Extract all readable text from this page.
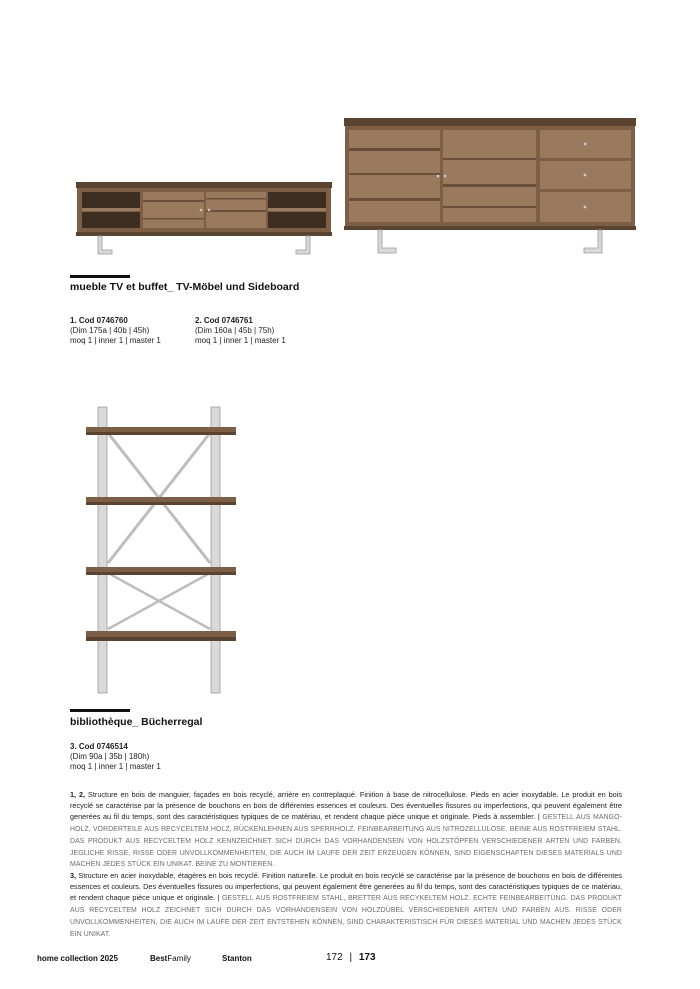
mueble TV et buffet_ TV-Möbel und Sideboard
1. Cod 0746760
(Dim 175a | 40b | 45h)
moq 1 | inner 1 | master 1
2. Cod 0746761
(Dim 160a | 45b | 75h)
moq 1 | inner 1 | master 1
bibliothèque_ Bücherregal
3. Cod 0746514
(Dim 90a | 35b | 180h)
moq 1 | inner 1 | master 1
1, 2, Structure en bois de manguier, façades en bois recyclé, arrière en contreplaqué. Finition à base de nitrocellulose. Pieds en acier inoxydable. Le produit en bois recyclé se caractérise par la présence de bouchons en bois de différentes essences et couleurs. Des éventuelles fissures ou imperfections, qui peuvent également être generées au fil du temps, sont des caractéristiques typiques de ce matériau, et rendent chaque pièce unique et originale. Pieds à assembler. | GESTELL AUS MANGO-HOLZ, VORDERTEILE AUS RECYCELTEM HOLZ, RÜCKENLEHNEN AUS SPERRHOLZ. FEINBEARBEITUNG AUS NITROZELLULOSE. BEINE AUS ROSTFREIEM STAHL. DAS PRODUKT AUS RECYCELTEM HOLZ KENNZEICHNET SICH DURCH DAS VORHANDENSEIN VON HOLZSTÖPFEN VERSCHIEDENER ARTEN UND FARBEN. JEGLICHE RISSE, RISSE ODER UNVOLLKOMMENHEITEN, DIE AUCH IM LAUFE DER ZEIT ERZEUGEN KÖNNEN, SIND EIGENSCHAFTEN DIESES MATERIALS UND MACHEN JEDES STÜCK EIN UNIKAT. BEINE ZU MONTIEREN.
3, Structure en acier inoxydable, étagères en bois recyclé. Finition naturelle. Le produit en bois recyclé se caractérise par la présence de bouchons en bois de différentes essences et couleurs. Des éventuelles fissures ou imperfections, qui peuvent également être generées au fil du temps, sont des caractéristiques typiques de ce matériau, et rendent chaque pièce unique et originale. | GESTELL AUS ROSTFREIEM STAHL, BRETTER AUS RECYKELTEM HOLZ. ECHTE FEINBEARBEITUNG. DAS PRODUKT AUS RECYCELTEM HOLZ ZEICHNET SICH DURCH DAS VORHANDENSEIN VON HOLZDÜBEL VERSCHIEDENER ARTEN UND FARBEN AUS. RISSE ODER UNVOLLKOMMENHEITEN, DIE AUCH IM LAUFE DER ZEIT ENTSTEHEN KÖNNEN, SIND CHARAKTERISTISCH FÜR DIESES MATERIAL UND MACHEN JEDES STÜCK EIN UNIKAT.
home collection 2025	BestFamily	Stanton	172 | 173
